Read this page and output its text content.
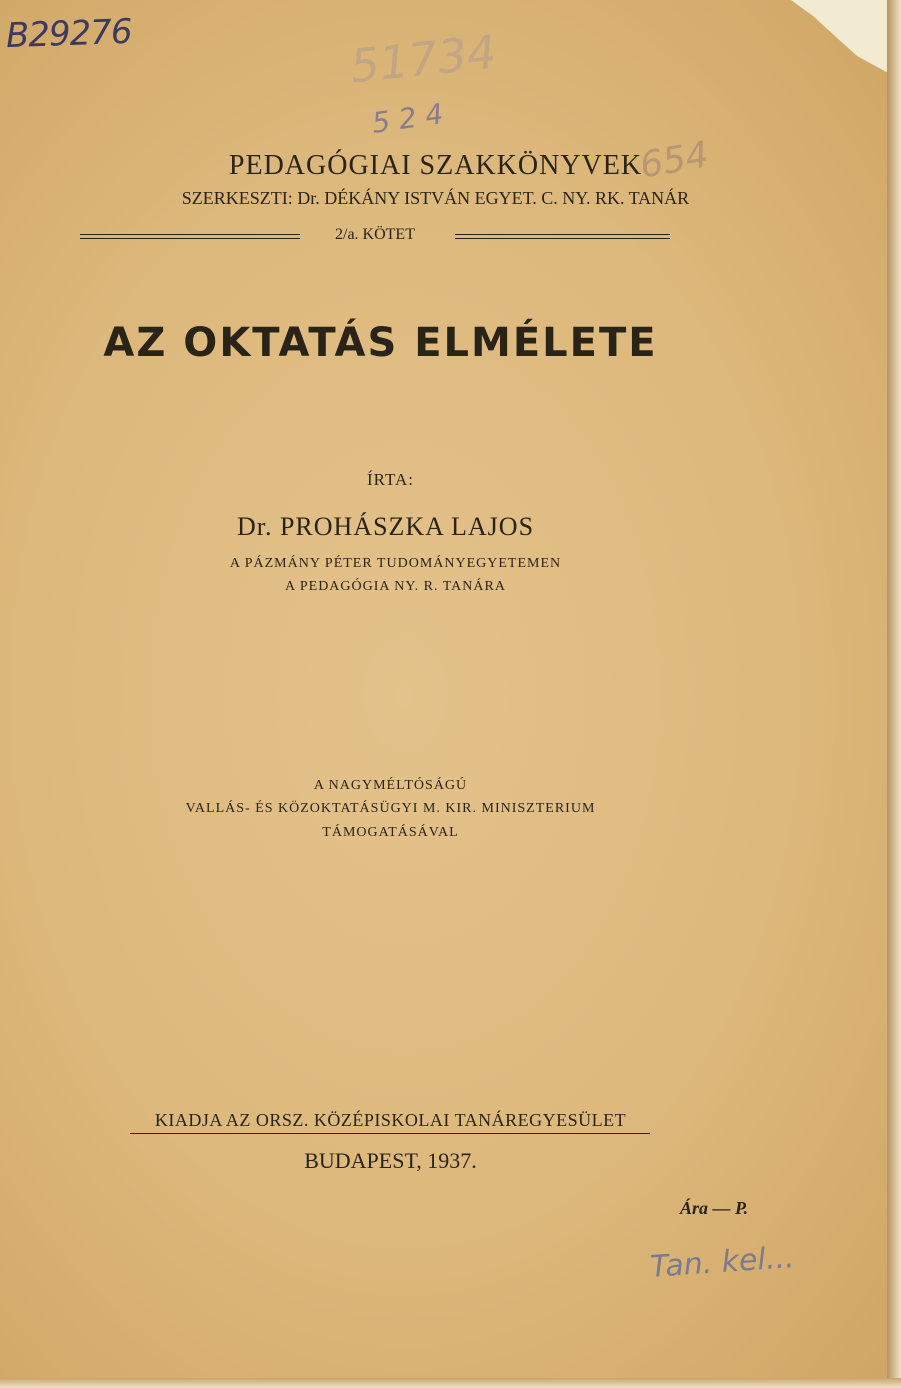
B29276	51734
5 2 4
654
PEDAGÓGIAI SZAKKÖNYVEK
SZERKESZTI: Dr. DÉKÁNY ISTVÁN EGYET. C. NY. RK. TANÁR
2/a. KÖTET
AZ OKTATÁS ELMÉLETE
ÍRTA:
Dr. PROHÁSZKA LAJOS
A PÁZMÁNY PÉTER TUDOMÁNYEGYETEMEN
A PEDAGÓGIA NY. R. TANÁRA
A NAGYMÉLTÓSÁGÚ
VALLÁS- ÉS KÖZOKTATÁSÜGYI M. KIR. MINISZTERIUM
TÁMOGATÁSÁVAL
KIADJA AZ ORSZ. KÖZÉPISKOLAI TANÁREGYESÜLET
BUDAPEST, 1937.
Ára — P.
Tan. kel...
